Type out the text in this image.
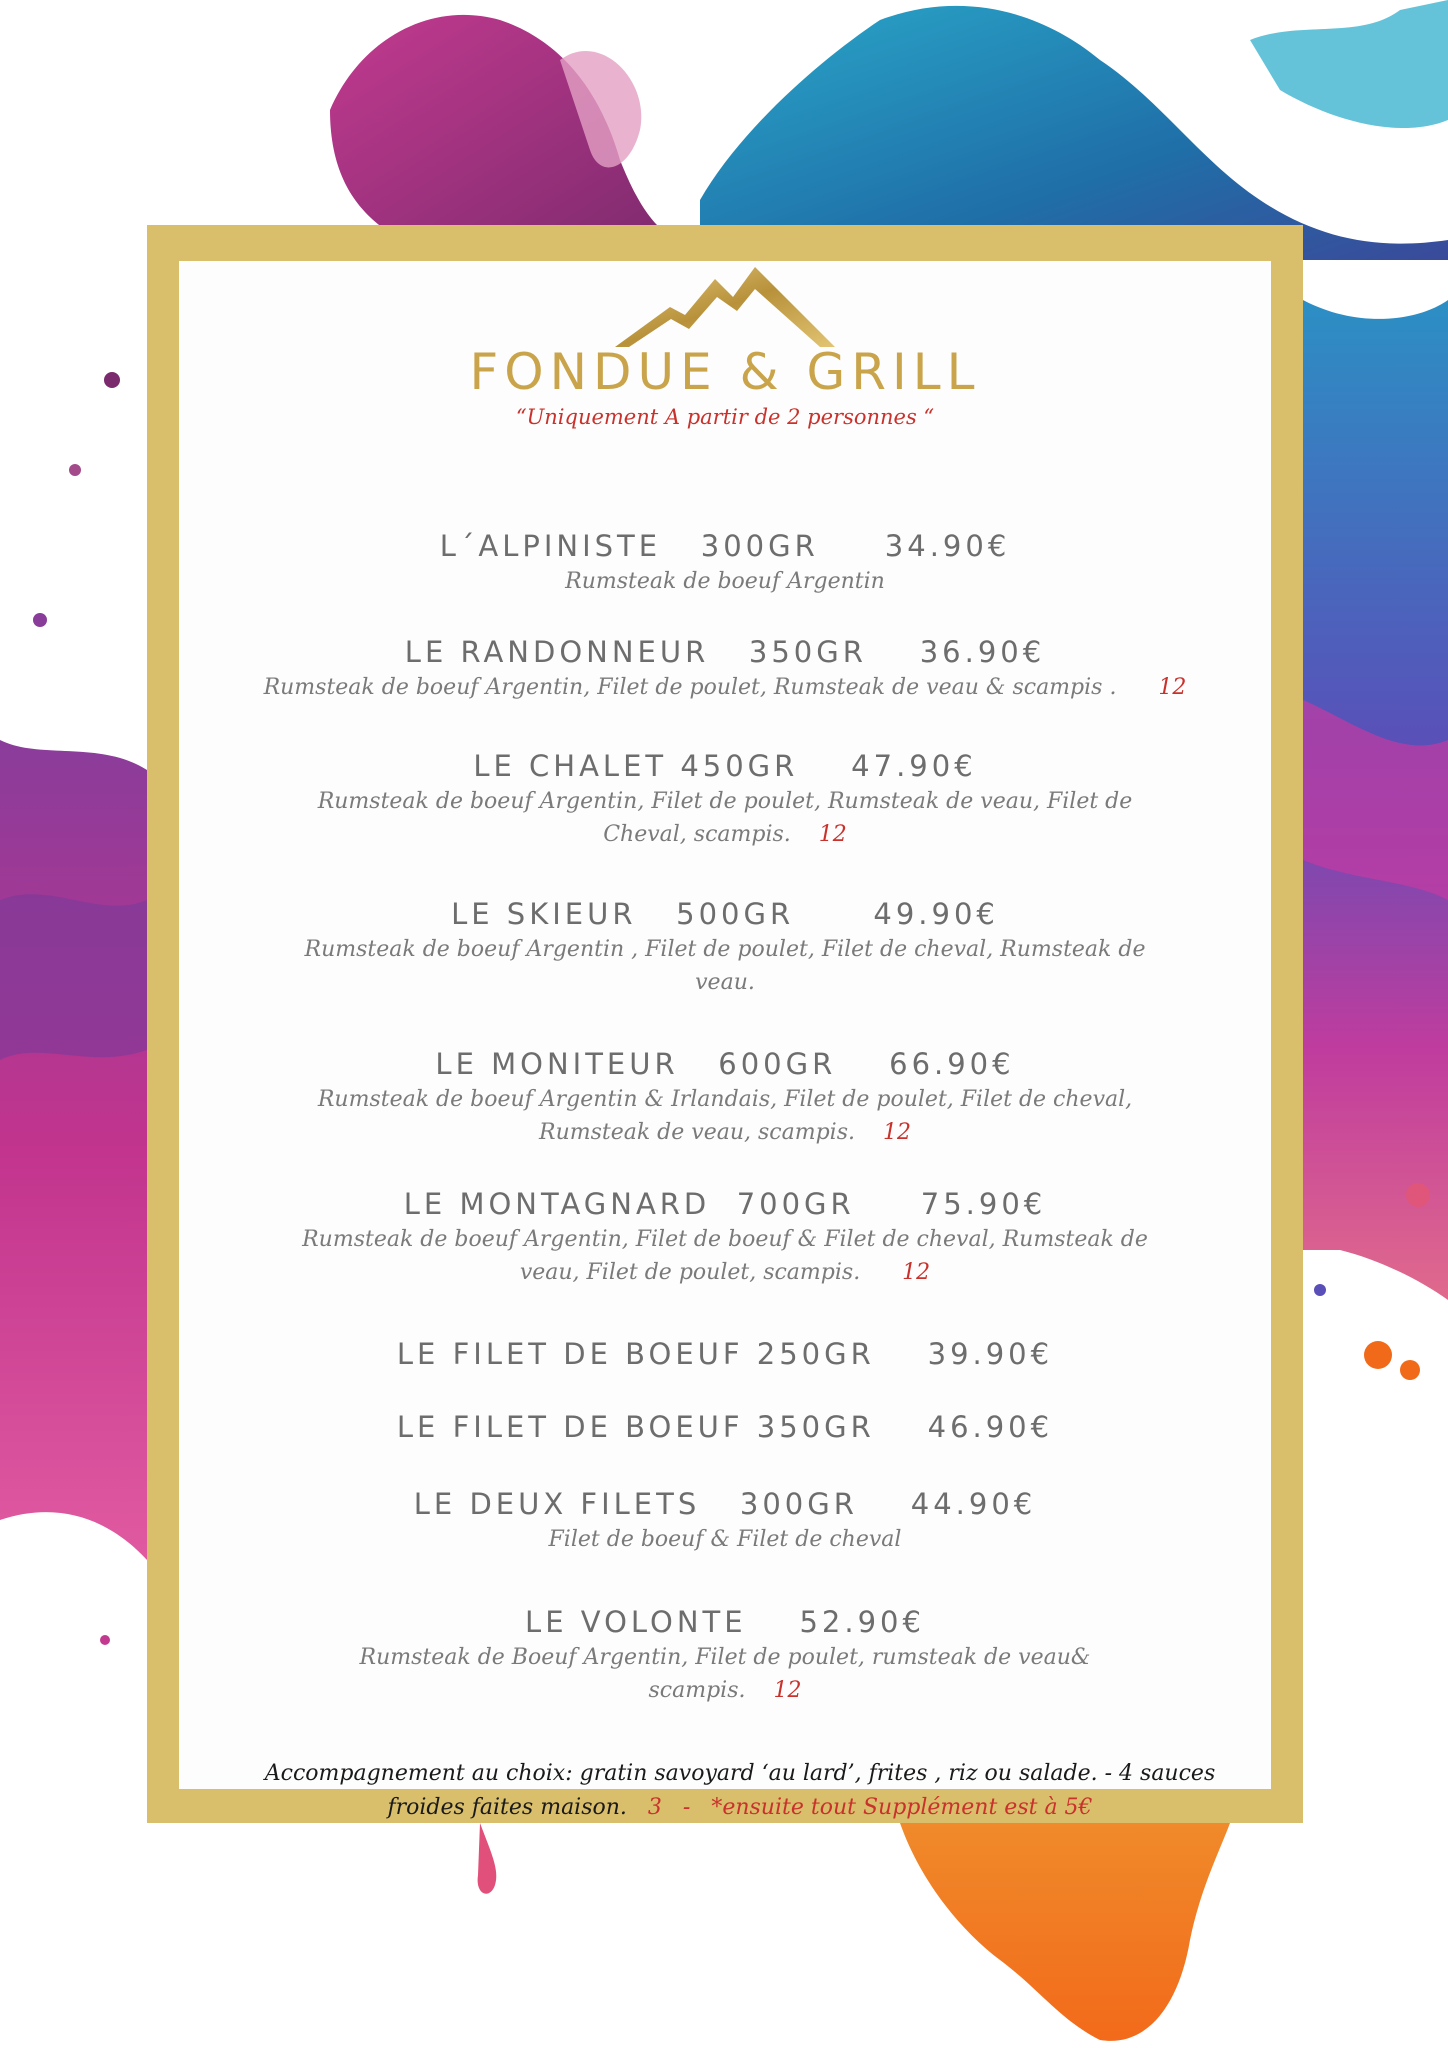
FONDUE & GRILL
“Uniquement A partir de 2 personnes “
L´ALPINISTE   300GR     34.90€
Rumsteak de boeuf Argentin
LE RANDONNEUR   350GR    36.90€
Rumsteak de boeuf Argentin, Filet de poulet, Rumsteak de veau & scampis . 12
LE CHALET 450GR    47.90€
Rumsteak de boeuf Argentin, Filet de poulet, Rumsteak de veau, Filet de Cheval, scampis. 12
LE SKIEUR   500GR      49.90€
Rumsteak de boeuf Argentin , Filet de poulet, Filet de cheval, Rumsteak de veau.
LE MONITEUR   600GR    66.90€
Rumsteak de boeuf Argentin & Irlandais, Filet de poulet, Filet de cheval, Rumsteak de veau, scampis. 12
LE MONTAGNARD  700GR     75.90€
Rumsteak de boeuf Argentin, Filet de boeuf & Filet de cheval, Rumsteak de veau, Filet de poulet, scampis. 12
LE FILET DE BOEUF 250GR    39.90€
LE FILET DE BOEUF 350GR    46.90€
LE DEUX FILETS   300GR    44.90€
Filet de boeuf & Filet de cheval
LE VOLONTE    52.90€
Rumsteak de Boeuf Argentin, Filet de poulet, rumsteak de veau& scampis. 12
Accompagnement au choix: gratin savoyard ‘au lard’, frites , riz ou salade. - 4 sauces froides faites maison. 3   -   *ensuite tout Supplément est à 5€
